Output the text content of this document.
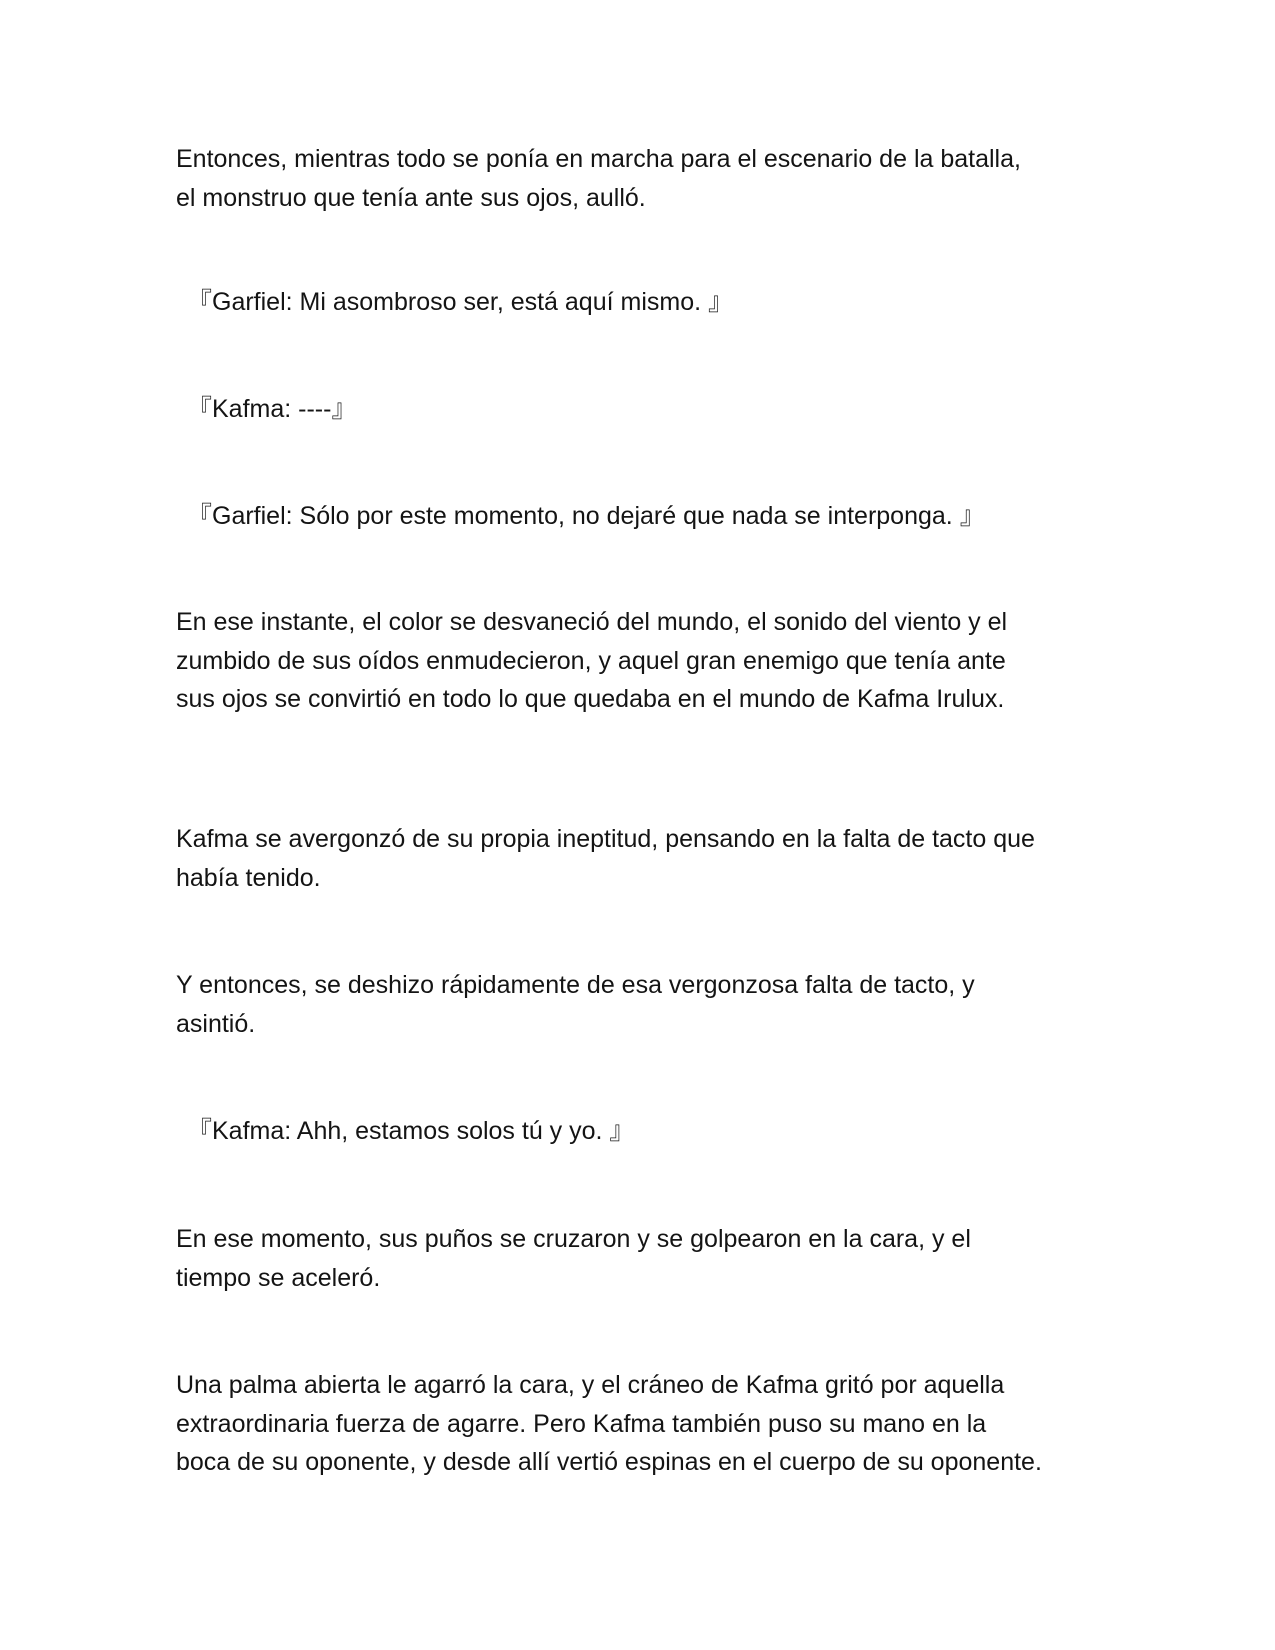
Entonces, mientras todo se ponía en marcha para el escenario de la batalla,
el monstruo que tenía ante sus ojos, aulló.

『Garfiel: Mi asombroso ser, está aquí mismo. 』

『Kafma: ----』

『Garfiel: Sólo por este momento, no dejaré que nada se interponga. 』

En ese instante, el color se desvaneció del mundo, el sonido del viento y el
zumbido de sus oídos enmudecieron, y aquel gran enemigo que tenía ante
sus ojos se convirtió en todo lo que quedaba en el mundo de Kafma Irulux.

Kafma se avergonzó de su propia ineptitud, pensando en la falta de tacto que
había tenido.

Y entonces, se deshizo rápidamente de esa vergonzosa falta de tacto, y
asintió.

『Kafma: Ahh, estamos solos tú y yo. 』

En ese momento, sus puños se cruzaron y se golpearon en la cara, y el
tiempo se aceleró.

Una palma abierta le agarró la cara, y el cráneo de Kafma gritó por aquella
extraordinaria fuerza de agarre. Pero Kafma también puso su mano en la
boca de su oponente, y desde allí vertió espinas en el cuerpo de su oponente.
